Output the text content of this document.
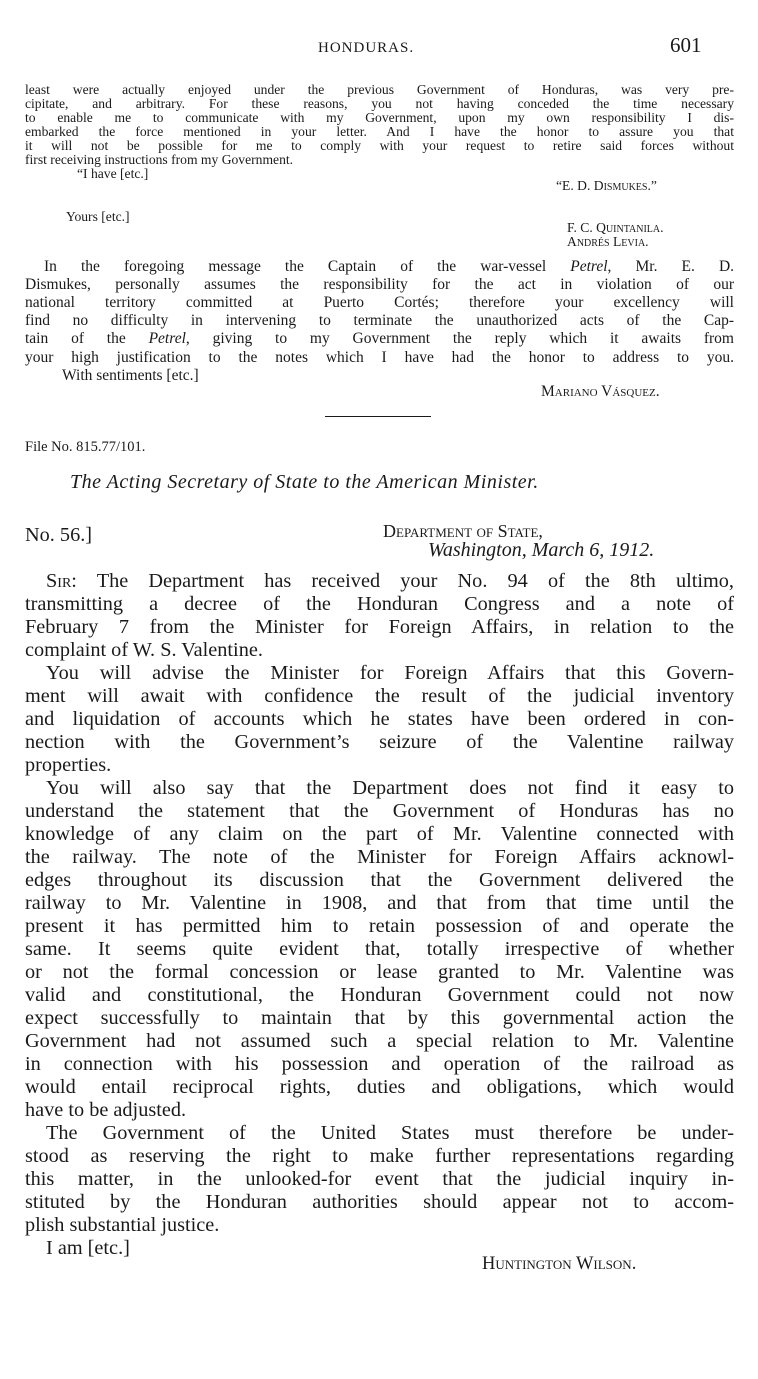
HONDURAS.	601
least were actually enjoyed under the previous Government of Honduras, was very pre-
cipitate, and arbitrary. For these reasons, you not having conceded the time necessary
to enable me to communicate with my Government, upon my own responsibility I dis-
embarked the force mentioned in your letter. And I have the honor to assure you that
it will not be possible for me to comply with your request to retire said forces without
first receiving instructions from my Government.
“I have [etc.]
“E. D. Dismukes.”
Yours [etc.]
F. C. Quintanila.
Andrés Levia.
In the foregoing message the Captain of the war-vessel Petrel, Mr. E. D.
Dismukes, personally assumes the responsibility for the act in violation of our
national territory committed at Puerto Cortés; therefore your excellency will
find no difficulty in intervening to terminate the unauthorized acts of the Cap-
tain of the Petrel, giving to my Government the reply which it awaits from
your high justification to the notes which I have had the honor to address to you.
With sentiments [etc.]
Mariano Vásquez.
File No. 815.77/101.
The Acting Secretary of State to the American Minister.
No. 56.]	Department of State,
Washington, March 6, 1912.
Sir: The Department has received your No. 94 of the 8th ultimo,
transmitting a decree of the Honduran Congress and a note of
February 7 from the Minister for Foreign Affairs, in relation to the
complaint of W. S. Valentine.
You will advise the Minister for Foreign Affairs that this Govern-
ment will await with confidence the result of the judicial inventory
and liquidation of accounts which he states have been ordered in con-
nection with the Government’s seizure of the Valentine railway
properties.
You will also say that the Department does not find it easy to
understand the statement that the Government of Honduras has no
knowledge of any claim on the part of Mr. Valentine connected with
the railway. The note of the Minister for Foreign Affairs acknowl-
edges throughout its discussion that the Government delivered the
railway to Mr. Valentine in 1908, and that from that time until the
present it has permitted him to retain possession of and operate the
same. It seems quite evident that, totally irrespective of whether
or not the formal concession or lease granted to Mr. Valentine was
valid and constitutional, the Honduran Government could not now
expect successfully to maintain that by this governmental action the
Government had not assumed such a special relation to Mr. Valentine
in connection with his possession and operation of the railroad as
would entail reciprocal rights, duties and obligations, which would
have to be adjusted.
The Government of the United States must therefore be under-
stood as reserving the right to make further representations regarding
this matter, in the unlooked-for event that the judicial inquiry in-
stituted by the Honduran authorities should appear not to accom-
plish substantial justice.
I am [etc.]
Huntington Wilson.
